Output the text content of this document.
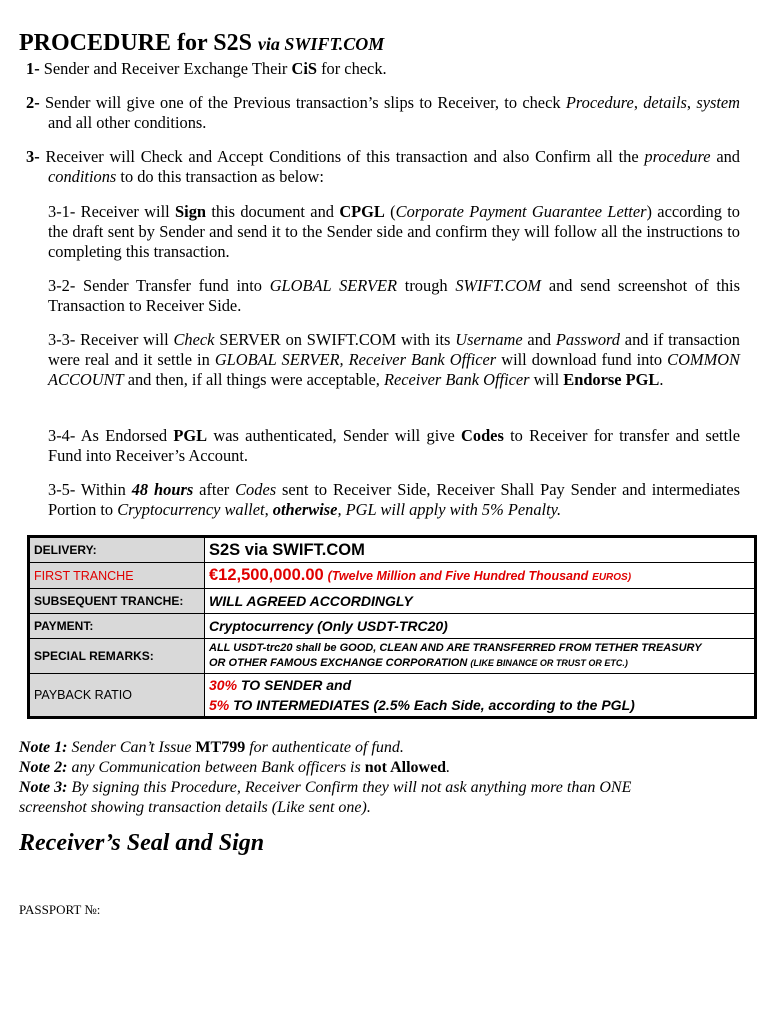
PROCEDURE for S2S via SWIFT.COM
1- Sender and Receiver Exchange Their CiS for check.
2- Sender will give one of the Previous transaction’s slips to Receiver, to check Procedure, details, system and all other conditions.
3- Receiver will Check and Accept Conditions of this transaction and also Confirm all the procedure and conditions to do this transaction as below:
3-1- Receiver will Sign this document and CPGL (Corporate Payment Guarantee Letter) according to the draft sent by Sender and send it to the Sender side and confirm they will follow all the instructions to completing this transaction.
3-2- Sender Transfer fund into GLOBAL SERVER trough SWIFT.COM and send screenshot of this Transaction to Receiver Side.
3-3- Receiver will Check SERVER on SWIFT.COM with its Username and Password and if transaction were real and it settle in GLOBAL SERVER, Receiver Bank Officer will download fund into COMMON ACCOUNT and then, if all things were acceptable, Receiver Bank Officer will Endorse PGL.
3-4- As Endorsed PGL was authenticated, Sender will give Codes to Receiver for transfer and settle Fund into Receiver’s Account.
3-5- Within 48 hours after Codes sent to Receiver Side, Receiver Shall Pay Sender and intermediates Portion to Cryptocurrency wallet, otherwise, PGL will apply with 5% Penalty.
DELIVERY:	S2S via SWIFT.COM
FIRST TRANCHE	€12,500,000.00 (Twelve Million and Five Hundred Thousand EUROS)
SUBSEQUENT TRANCHE:	WILL AGREED ACCORDINGLY
PAYMENT:	Cryptocurrency (Only USDT-TRC20)
SPECIAL REMARKS:	ALL USDT-trc20 shall be GOOD, CLEAN AND ARE TRANSFERRED FROM TETHER TREASURY
OR OTHER FAMOUS EXCHANGE CORPORATION (LIKE BINANCE OR TRUST OR ETC.)

PAYBACK RATIO	30% TO SENDER and
5% TO INTERMEDIATES (2.5% Each Side, according to the PGL)
Note 1: Sender Can’t Issue MT799 for authenticate of fund.
Note 2: any Communication between Bank officers is not Allowed.
Note 3: By signing this Procedure, Receiver Confirm they will not ask anything more than ONE
screenshot showing transaction details (Like sent one).
Receiver’s Seal and Sign
PASSPORT №:
